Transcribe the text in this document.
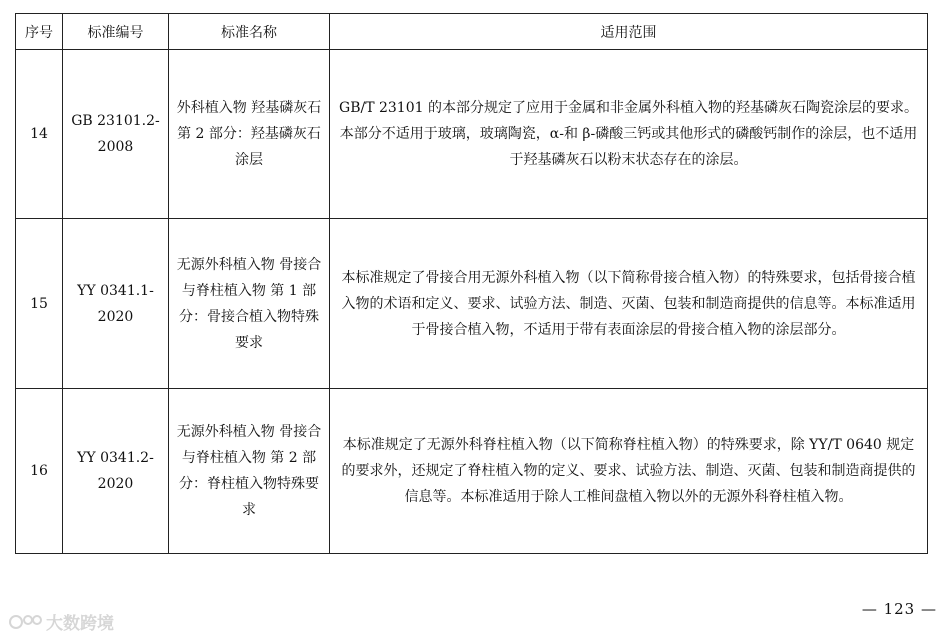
序号	标准编号	标准名称	适用范围
14	GB 23101.2-2008	外科植入物 羟基磷灰石 第 2 部分：羟基磷灰石涂层	GB/T 23101 的本部分规定了应用于金属和非金属外科植入物的羟基磷灰石陶瓷涂层的要求。本部分不适用于玻璃，玻璃陶瓷，α-和 β-磷酸三钙或其他形式的磷酸钙制作的涂层，也不适用于羟基磷灰石以粉末状态存在的涂层。
15	YY 0341.1-2020	无源外科植入物 骨接合与脊柱植入物 第 1 部分：骨接合植入物特殊要求	本标准规定了骨接合用无源外科植入物（以下简称骨接合植入物）的特殊要求，包括骨接合植入物的术语和定义、要求、试验方法、制造、灭菌、包装和制造商提供的信息等。本标准适用于骨接合植入物，不适用于带有表面涂层的骨接合植入物的涂层部分。
16	YY 0341.2-2020	无源外科植入物 骨接合与脊柱植入物 第 2 部分：脊柱植入物特殊要求	本标准规定了无源外科脊柱植入物（以下简称脊柱植入物）的特殊要求，除 YY/T 0640 规定的要求外，还规定了脊柱植入物的定义、要求、试验方法、制造、灭菌、包装和制造商提供的信息等。本标准适用于除人工椎间盘植入物以外的无源外科脊柱植入物。
大数跨境
— 123 —
